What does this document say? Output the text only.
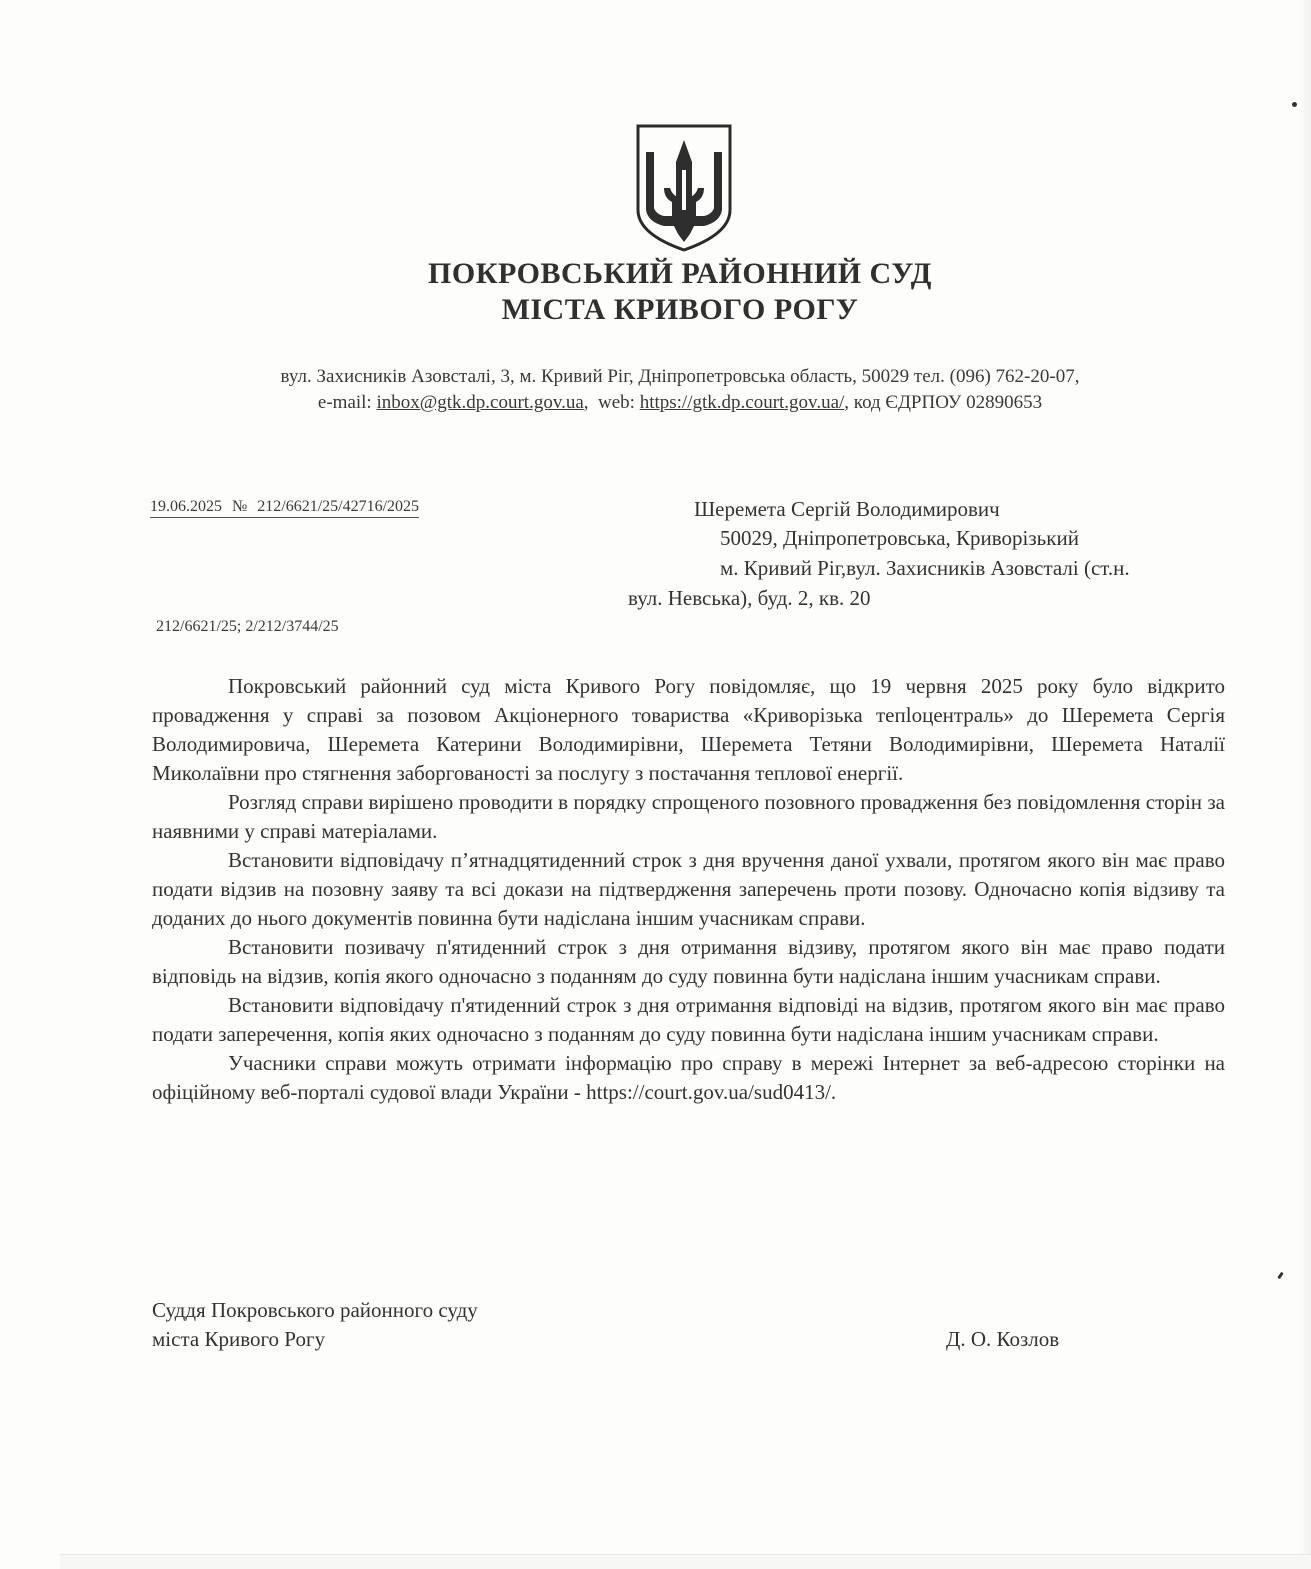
ПОКРОВСЬКИЙ РАЙОННИЙ СУД
МІСТА КРИВОГО РОГУ
вул. Захисників Азовсталі, 3, м. Кривий Ріг, Дніпропетровська область, 50029 тел. (096) 762-20-07,
e-mail: inbox@gtk.dp.court.gov.ua,  web: https://gtk.dp.court.gov.ua/, код ЄДРПОУ 02890653
19.06.2025 № 212/6621/25/42716/2025	Шеремета Сергій Володимирович
50029, Дніпропетровська, Криворізький
м. Кривий Ріг,вул. Захисників Азовсталі (ст.н.
вул. Невська), буд. 2, кв. 20
212/6621/25; 2/212/3744/25

Покровський районний суд міста Кривого Рогу повідомляє, що 19 червня 2025 року було відкрито провадження у справі за позовом Акціонерного товариства «Криворізька тепloцентраль» до Шеремета Сергія Володимировича, Шеремета Катерини Володимирівни, Шеремета Тетяни Володимирівни, Шеремета Наталії Миколаївни про стягнення заборгованості за послугу з постачання теплової енергії.

Розгляд справи вирішено проводити в порядку спрощеного позовного провадження без повідомлення сторін за наявними у справі матеріалами.

Встановити відповідачу п’ятнадцятиденний строк з дня вручення даної ухвали, протягом якого він має право подати відзив на позовну заяву та всі докази на підтвердження заперечень проти позову. Одночасно копія відзиву та доданих до нього документів повинна бути надіслана іншим учасникам справи.

Встановити позивачу п'ятиденний строк з дня отримання відзиву, протягом якого він має право подати відповідь на відзив, копія якого одночасно з поданням до суду повинна бути надіслана іншим учасникам справи.

Встановити відповідачу п'ятиденний строк з дня отримання відповіді на відзив, протягом якого він має право подати заперечення, копія яких одночасно з поданням до суду повинна бути надіслана іншим учасникам справи.

Учасники справи можуть отримати інформацію про справу в мережі Інтернет за веб-адресою сторінки на офіційному веб-порталі судової влади України - https://court.gov.ua/sud0413/.

Суддя Покровського районного суду
міста Кривого Рогу	Д. О. Козлов
